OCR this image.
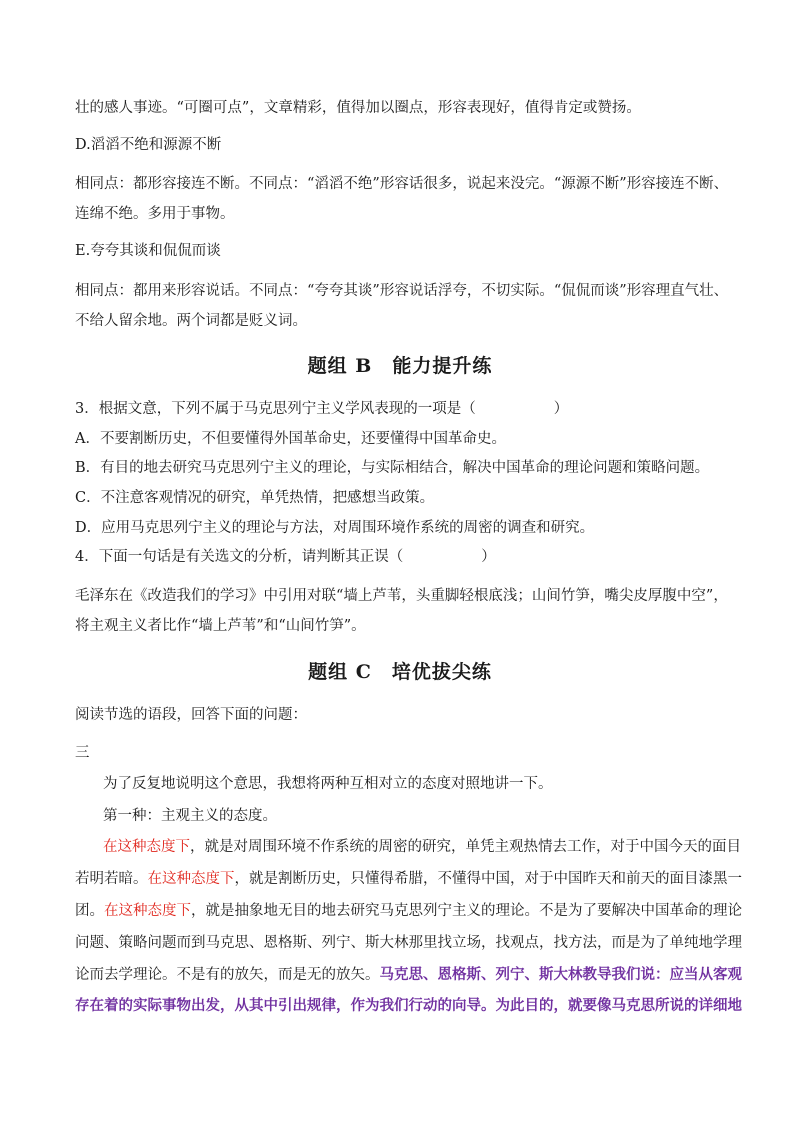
壮的感人事迹。“可圈可点”，文章精彩，值得加以圈点，形容表现好，值得肯定或赞扬。
D.滔滔不绝和源源不断
相同点：都形容接连不断。不同点：“滔滔不绝”形容话很多，说起来没完。“源源不断”形容接连不断、
连绵不绝。多用于事物。
E.夸夸其谈和侃侃而谈
相同点：都用来形容说话。不同点：“夸夸其谈”形容说话浮夸，不切实际。“侃侃而谈”形容理直气壮、
不给人留余地。两个词都是贬义词。
题组 B　能力提升练
3．根据文意，下列不属于马克思列宁主义学风表现的一项是（	）
A．不要割断历史，不但要懂得外国革命史，还要懂得中国革命史。
B．有目的地去研究马克思列宁主义的理论，与实际相结合，解决中国革命的理论问题和策略问题。
C．不注意客观情况的研究，单凭热情，把感想当政策。
D．应用马克思列宁主义的理论与方法，对周围环境作系统的周密的调查和研究。
4．下面一句话是有关选文的分析，请判断其正误（	）
毛泽东在《改造我们的学习》中引用对联“墙上芦苇，头重脚轻根底浅；山间竹笋，嘴尖皮厚腹中空”，
将主观主义者比作“墙上芦苇”和“山间竹笋”。
题组 C　培优拔尖练
阅读节选的语段，回答下面的问题：
三
为了反复地说明这个意思，我想将两种互相对立的态度对照地讲一下。
第一种：主观主义的态度。
在这种态度下，就是对周围环境不作系统的周密的研究，单凭主观热情去工作，对于中国今天的面目
若明若暗。在这种态度下，就是割断历史，只懂得希腊，不懂得中国，对于中国昨天和前天的面目漆黑一
团。在这种态度下，就是抽象地无目的地去研究马克思列宁主义的理论。不是为了要解决中国革命的理论
问题、策略问题而到马克思、恩格斯、列宁、斯大林那里找立场，找观点，找方法，而是为了单纯地学理
论而去学理论。不是有的放矢，而是无的放矢。马克思、恩格斯、列宁、斯大林教导我们说：应当从客观
存在着的实际事物出发，从其中引出规律，作为我们行动的向导。为此目的，就要像马克思所说的详细地
